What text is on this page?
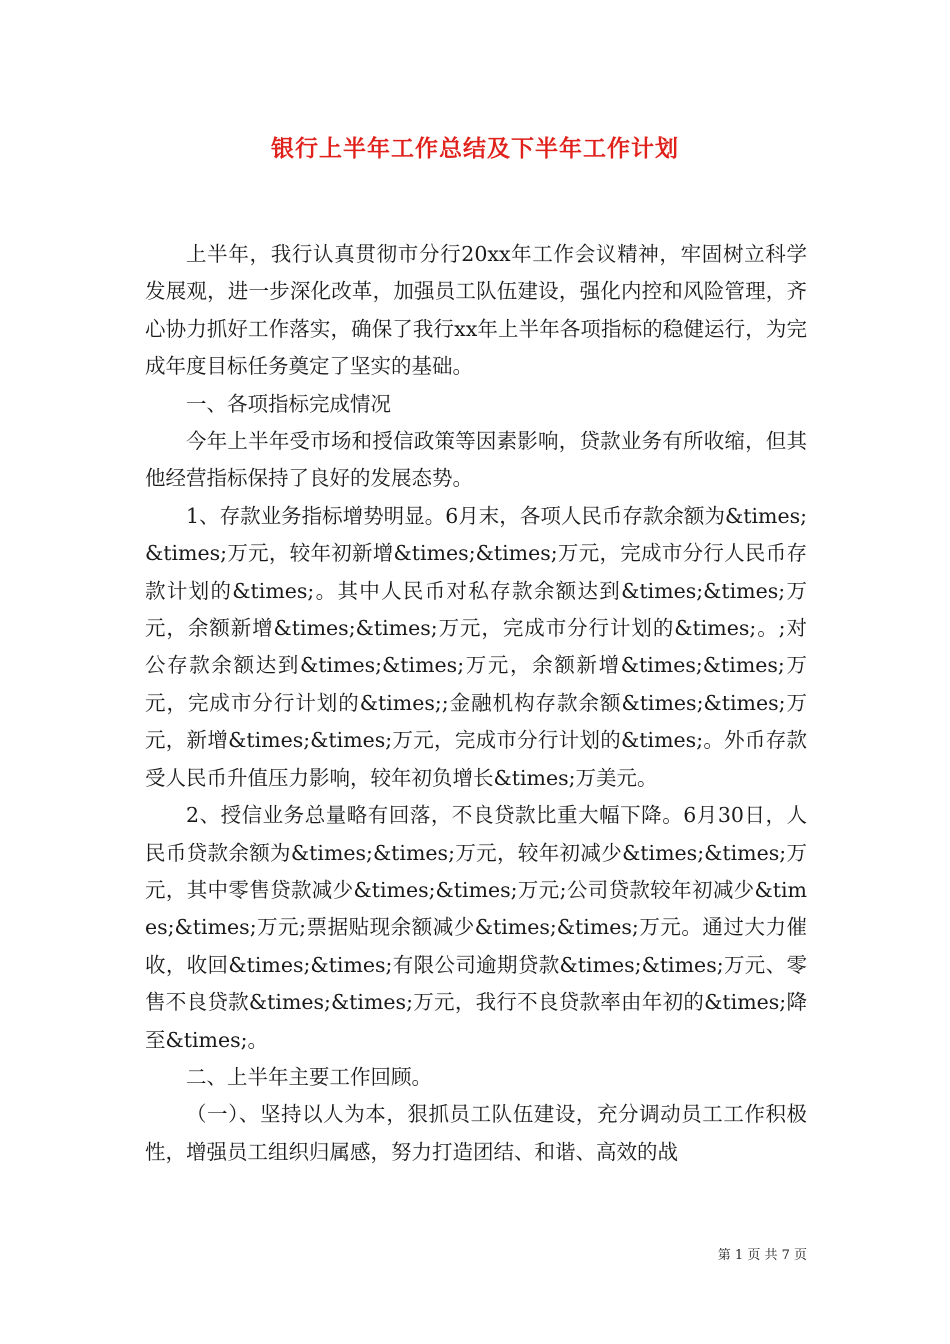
银行上半年工作总结及下半年工作计划

上半年，我行认真贯彻市分行20xx年工作会议精神，牢固树立科学发展观，进一步深化改革，加强员工队伍建设，强化内控和风险管理，齐心协力抓好工作落实，确保了我行xx年上半年各项指标的稳健运行，为完成年度目标任务奠定了坚实的基础。

一、各项指标完成情况

今年上半年受市场和授信政策等因素影响，贷款业务有所收缩，但其他经营指标保持了良好的发展态势。

1、存款业务指标增势明显。6月末，各项人民币存款余额为&times;&times;万元，较年初新增&times;&times;万元，完成市分行人民币存款计划的&times;。其中人民币对私存款余额达到&times;&times;万元，余额新增&times;&times;万元，完成市分行计划的&times;。;对公存款余额达到&times;&times;万元，余额新增&times;&times;万元，完成市分行计划的&times;;金融机构存款余额&times;&times;万元，新增&times;&times;万元，完成市分行计划的&times;。外币存款受人民币升值压力影响，较年初负增长&times;万美元。

2、授信业务总量略有回落，不良贷款比重大幅下降。6月30日，人民币贷款余额为&times;&times;万元，较年初减少&times;&times;万元，其中零售贷款减少&times;&times;万元;公司贷款较年初减少&times;&times;万元;票据贴现余额减少&times;&times;万元。通过大力催收，收回&times;&times;有限公司逾期贷款&times;&times;万元、零售不良贷款&times;&times;万元，我行不良贷款率由年初的&times;降至&times;。

二、上半年主要工作回顾。

（一）、坚持以人为本，狠抓员工队伍建设，充分调动员工工作积极性，增强员工组织归属感，努力打造团结、和谐、高效的战

第 1 页 共 7 页
